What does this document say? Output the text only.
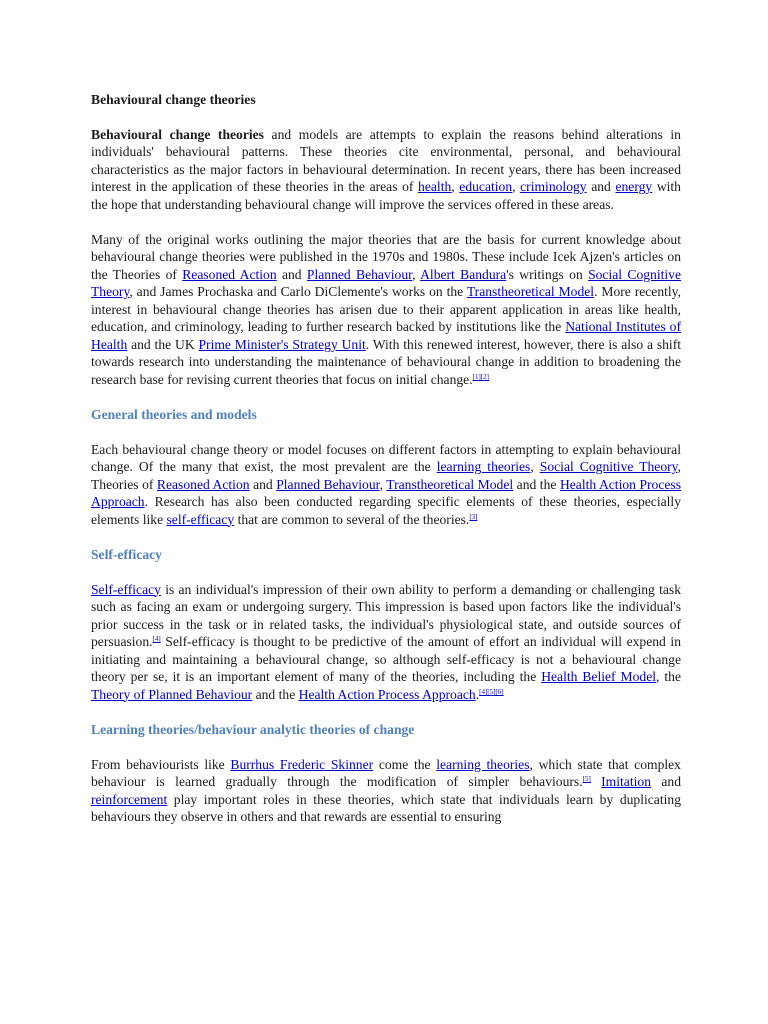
Behavioural change theories

Behavioural change theories and models are attempts to explain the reasons behind alterations in individuals' behavioural patterns. These theories cite environmental, personal, and behavioural characteristics as the major factors in behavioural determination. In recent years, there has been increased interest in the application of these theories in the areas of health, education, criminology and energy with the hope that understanding behavioural change will improve the services offered in these areas.

Many of the original works outlining the major theories that are the basis for current knowledge about behavioural change theories were published in the 1970s and 1980s. These include Icek Ajzen's articles on the Theories of Reasoned Action and Planned Behaviour, Albert Bandura's writings on Social Cognitive Theory, and James Prochaska and Carlo DiClemente's works on the Transtheoretical Model. More recently, interest in behavioural change theories has arisen due to their apparent application in areas like health, education, and criminology, leading to further research backed by institutions like the National Institutes of Health and the UK Prime Minister's Strategy Unit. With this renewed interest, however, there is also a shift towards research into understanding the maintenance of behavioural change in addition to broadening the research base for revising current theories that focus on initial change.[1][2]

General theories and models

Each behavioural change theory or model focuses on different factors in attempting to explain behavioural change. Of the many that exist, the most prevalent are the learning theories, Social Cognitive Theory, Theories of Reasoned Action and Planned Behaviour, Transtheoretical Model and the Health Action Process Approach. Research has also been conducted regarding specific elements of these theories, especially elements like self-efficacy that are common to several of the theories.[3]

Self-efficacy

Self-efficacy is an individual's impression of their own ability to perform a demanding or challenging task such as facing an exam or undergoing surgery. This impression is based upon factors like the individual's prior success in the task or in related tasks, the individual's physiological state, and outside sources of persuasion.[4] Self-efficacy is thought to be predictive of the amount of effort an individual will expend in initiating and maintaining a behavioural change, so although self-efficacy is not a behavioural change theory per se, it is an important element of many of the theories, including the Health Belief Model, the Theory of Planned Behaviour and the Health Action Process Approach.[4][5][6]

Learning theories/behaviour analytic theories of change

From behaviourists like Burrhus Frederic Skinner come the learning theories, which state that complex behaviour is learned gradually through the modification of simpler behaviours.[5] Imitation and reinforcement play important roles in these theories, which state that individuals learn by duplicating behaviours they observe in others and that rewards are essential to ensuring
